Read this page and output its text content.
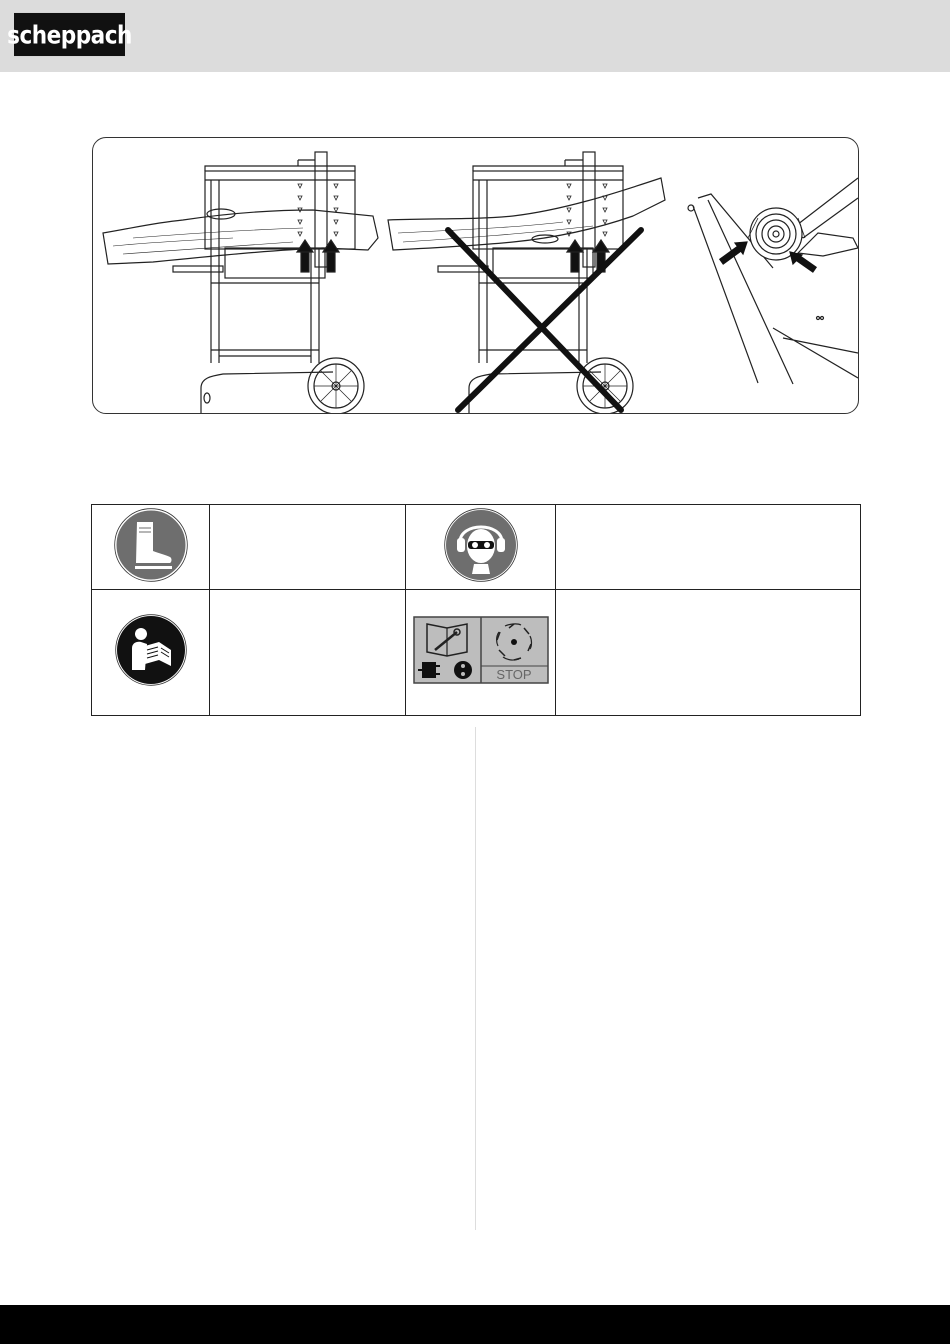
scheppach

STOP	
